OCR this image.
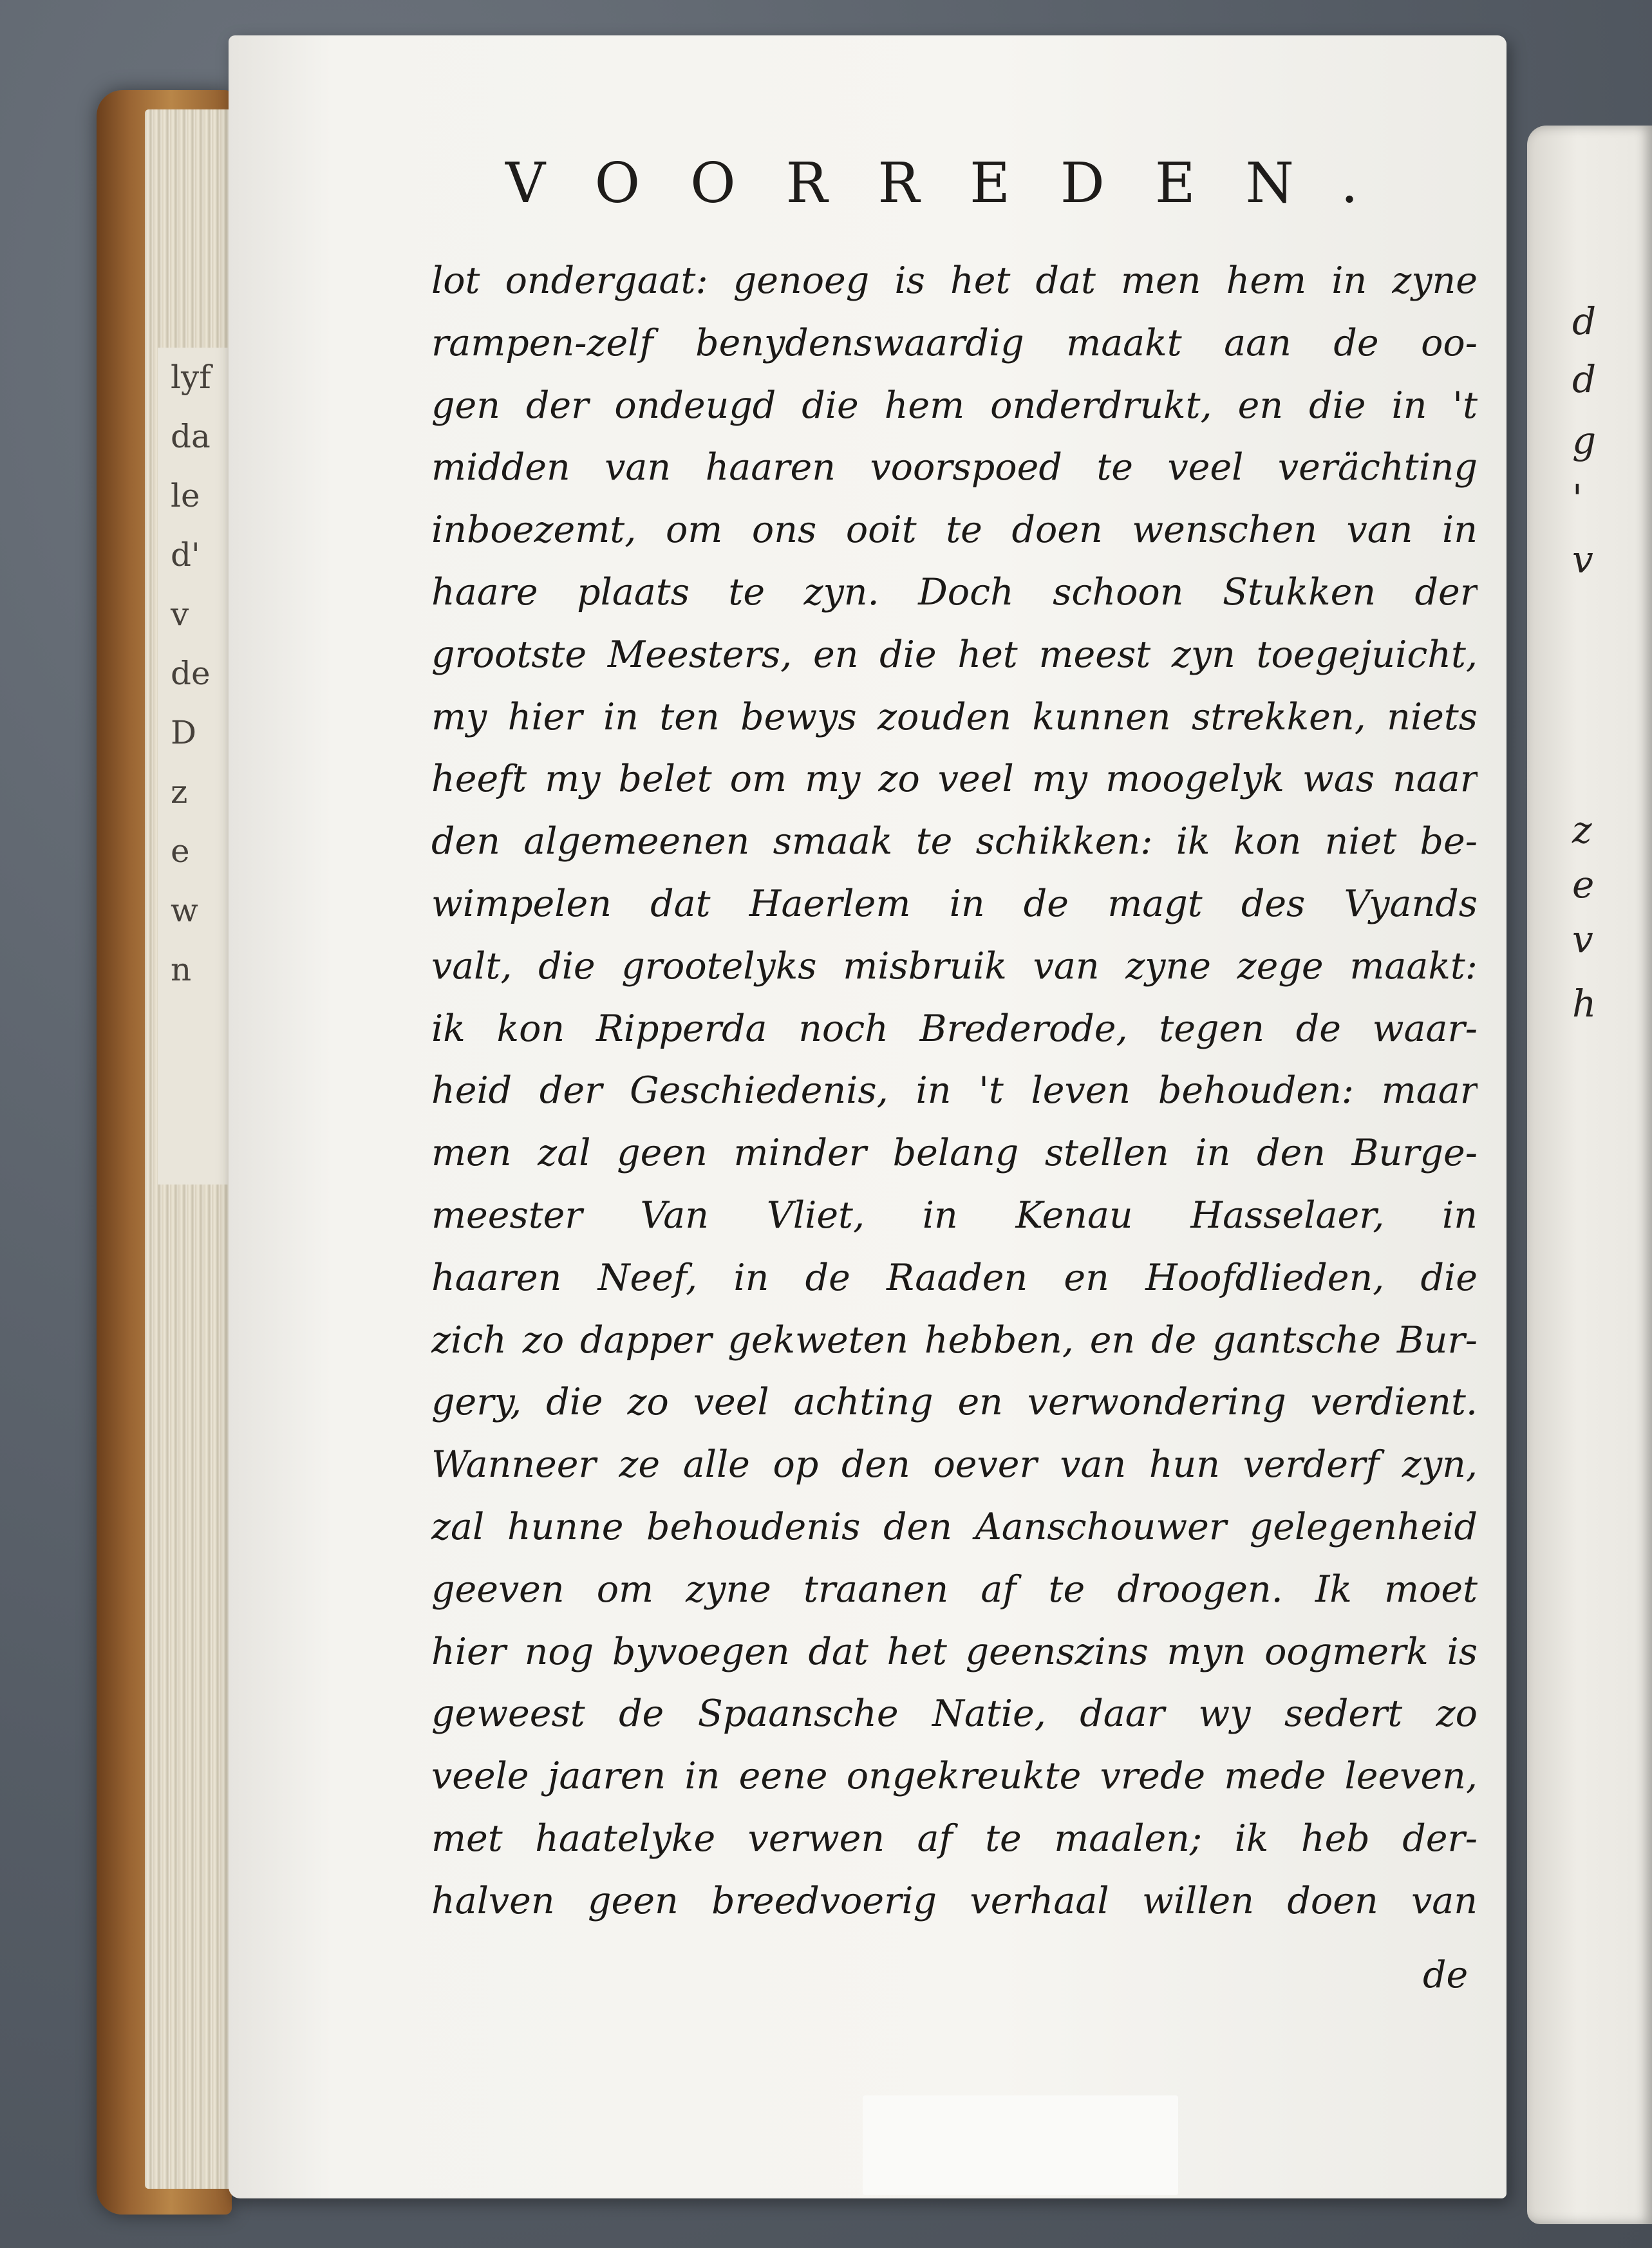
lyf
da
le
d'
v
de
D
z
e
w
n
d
d
g
'
v
z
e
v
h
VOORREDEN.
lot ondergaat: genoeg is het dat men hem in zyne
rampen-zelf benydenswaardig maakt aan de oo-
gen der ondeugd die hem onderdrukt, en die in 't
midden van haaren voorspoed te veel verächting
inboezemt, om ons ooit te doen wenschen van in
haare plaats te zyn. Doch schoon Stukken der
grootste Meesters, en die het meest zyn toegejuicht,
my hier in ten bewys zouden kunnen strekken, niets
heeft my belet om my zo veel my moogelyk was naar
den algemeenen smaak te schikken: ik kon niet be-
wimpelen dat Haerlem in de magt des Vyands
valt, die grootelyks misbruik van zyne zege maakt:
ik kon Ripperda noch Brederode, tegen de waar-
heid der Geschiedenis, in 't leven behouden: maar
men zal geen minder belang stellen in den Burge-
meester Van Vliet, in Kenau Hasselaer, in
haaren Neef, in de Raaden en Hoofdlieden, die
zich zo dapper gekweten hebben, en de gantsche Bur-
gery, die zo veel achting en verwondering verdient.
Wanneer ze alle op den oever van hun verderf zyn,
zal hunne behoudenis den Aanschouwer gelegenheid
geeven om zyne traanen af te droogen. Ik moet
hier nog byvoegen dat het geenszins myn oogmerk is
geweest de Spaansche Natie, daar wy sedert zo
veele jaaren in eene ongekreukte vrede mede leeven,
met haatelyke verwen af te maalen; ik heb der-
halven geen breedvoerig verhaal willen doen van
de
